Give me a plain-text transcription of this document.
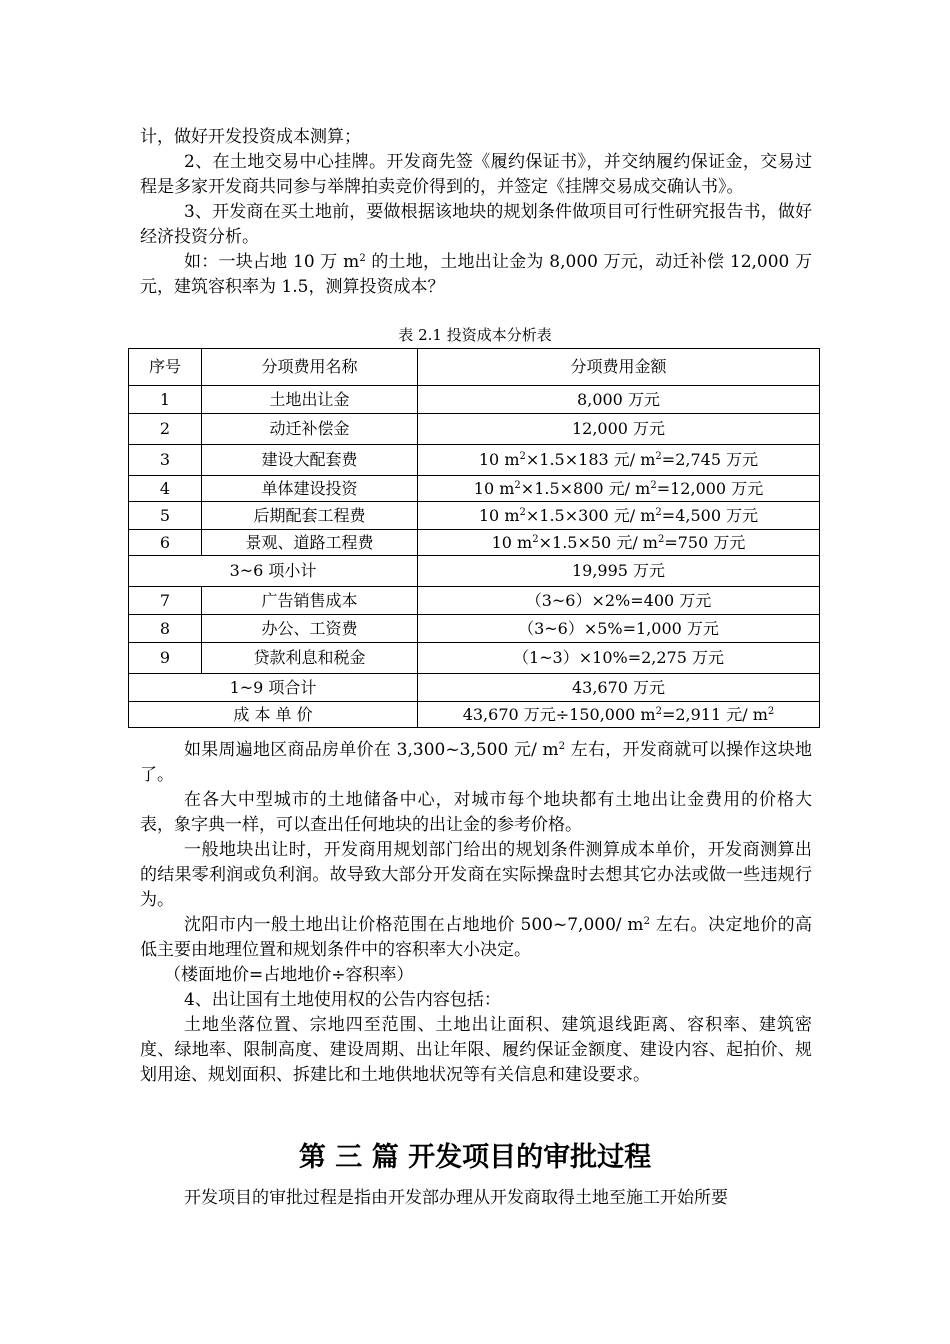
计，做好开发投资成本测算；

2、在土地交易中心挂牌。开发商先签《履约保证书》，并交纳履约保证金，交易过程是多家开发商共同参与举牌拍卖竞价得到的，并签定《挂牌交易成交确认书》。

3、开发商在买土地前，要做根据该地块的规划条件做项目可行性研究报告书，做好经济投资分析。

如：一块占地 10 万 $m^2$ 的土地，土地出让金为 8,000 万元，动迁补偿 12,000 万元，建筑容积率为 1.5，测算投资成本？

表 2.1 投资成本分析表
序号	分项费用名称	分项费用金额
1	土地出让金	8,000 万元
2	动迁补偿金	12,000 万元
3	建设大配套费	10 $m^2\times 1.5\times 183$ 元/ $m^2=2,745$ 万元
4	单体建设投资	10 $m^2\times 1.5\times 800$ 元/ $m^2=12,000$ 万元
5	后期配套工程费	10 $m^2\times 1.5\times 300$ 元/ $m^2=4,500$ 万元
6	景观、道路工程费	10 $m^2\times 1.5\times 50$ 元/ $m^2=750$ 万元
3~6 项小计		19,995 万元
7	广告销售成本	（3~6）×2%=400 万元
8	办公、工资费	（3~6）×5%=1,000 万元
9	贷款利息和税金	（1~3）×10%=2,275 万元
1~9 项合计		43,670 万元
成 本 单 价		43,670 万元÷150,000 $m^2=2,911$ 元/ $m^2$

如果周遍地区商品房单价在 3,300~3,500 元/ $m^2$ 左右，开发商就可以操作这块地了。

在各大中型城市的土地储备中心，对城市每个地块都有土地出让金费用的价格大表，象字典一样，可以查出任何地块的出让金的参考价格。

一般地块出让时，开发商用规划部门给出的规划条件测算成本单价，开发商测算出的结果零利润或负利润。故导致大部分开发商在实际操盘时去想其它办法或做一些违规行为。

沈阳市内一般土地出让价格范围在占地地价 500~7,000/ $m^2$ 左右。决定地价的高低主要由地理位置和规划条件中的容积率大小决定。

（楼面地价=占地地价÷容积率）

4、出让国有土地使用权的公告内容包括：

土地坐落位置、宗地四至范围、土地出让面积、建筑退线距离、容积率、建筑密度、绿地率、限制高度、建设周期、出让年限、履约保证金额度、建设内容、起拍价、规划用途、规划面积、拆建比和土地供地状况等有关信息和建设要求。

第 三 篇 开发项目的审批过程

开发项目的审批过程是指由开发部办理从开发商取得土地至施工开始所要
